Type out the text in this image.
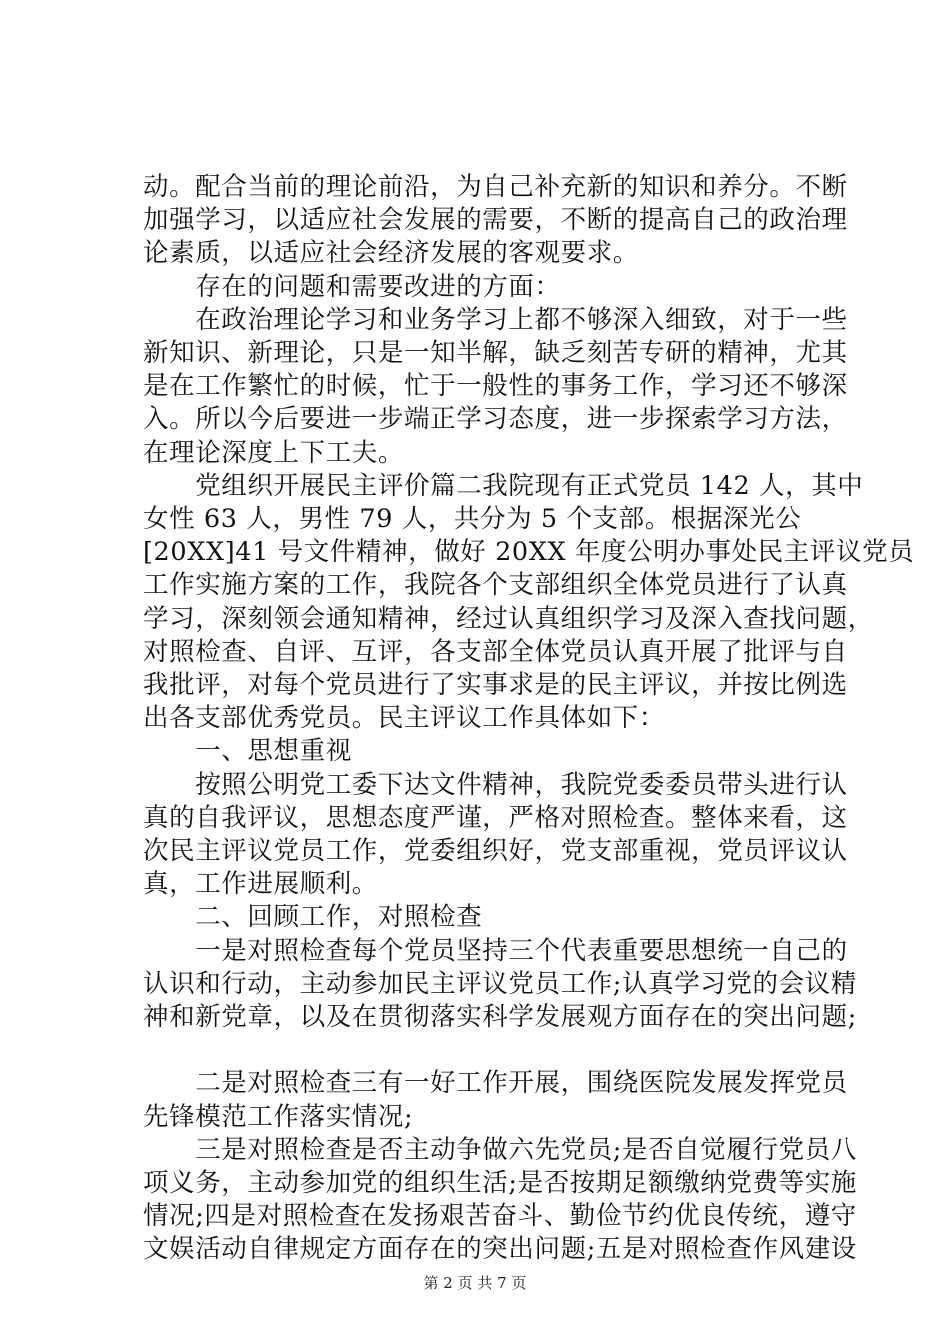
动。配合当前的理论前沿，为自己补充新的知识和养分。不断
加强学习，以适应社会发展的需要，不断的提高自己的政治理
论素质，以适应社会经济发展的客观要求。
　　存在的问题和需要改进的方面：
　　在政治理论学习和业务学习上都不够深入细致，对于一些
新知识、新理论，只是一知半解，缺乏刻苦专研的精神，尤其
是在工作繁忙的时候，忙于一般性的事务工作，学习还不够深
入。所以今后要进一步端正学习态度，进一步探索学习方法，
在理论深度上下工夫。
　　党组织开展民主评价篇二我院现有正式党员 142 人，其中
女性 63 人，男性 79 人，共分为 5 个支部。根据深光公
[20XX]41 号文件精神，做好 20XX 年度公明办事处民主评议党员
工作实施方案的工作，我院各个支部组织全体党员进行了认真
学习，深刻领会通知精神，经过认真组织学习及深入查找问题，
对照检查、自评、互评，各支部全体党员认真开展了批评与自
我批评，对每个党员进行了实事求是的民主评议，并按比例选
出各支部优秀党员。民主评议工作具体如下：
　　一、思想重视
　　按照公明党工委下达文件精神，我院党委委员带头进行认
真的自我评议，思想态度严谨，严格对照检查。整体来看，这
次民主评议党员工作，党委组织好，党支部重视，党员评议认
真，工作进展顺利。
　　二、回顾工作，对照检查
　　一是对照检查每个党员坚持三个代表重要思想统一自己的
认识和行动，主动参加民主评议党员工作;认真学习党的会议精
神和新党章，以及在贯彻落实科学发展观方面存在的突出问题;
　　二是对照检查三有一好工作开展，围绕医院发展发挥党员
先锋模范工作落实情况;
　　三是对照检查是否主动争做六先党员;是否自觉履行党员八
项义务，主动参加党的组织生活;是否按期足额缴纳党费等实施
情况;四是对照检查在发扬艰苦奋斗、勤俭节约优良传统，遵守
文娱活动自律规定方面存在的突出问题;五是对照检查作风建设
第 2 页 共 7 页
